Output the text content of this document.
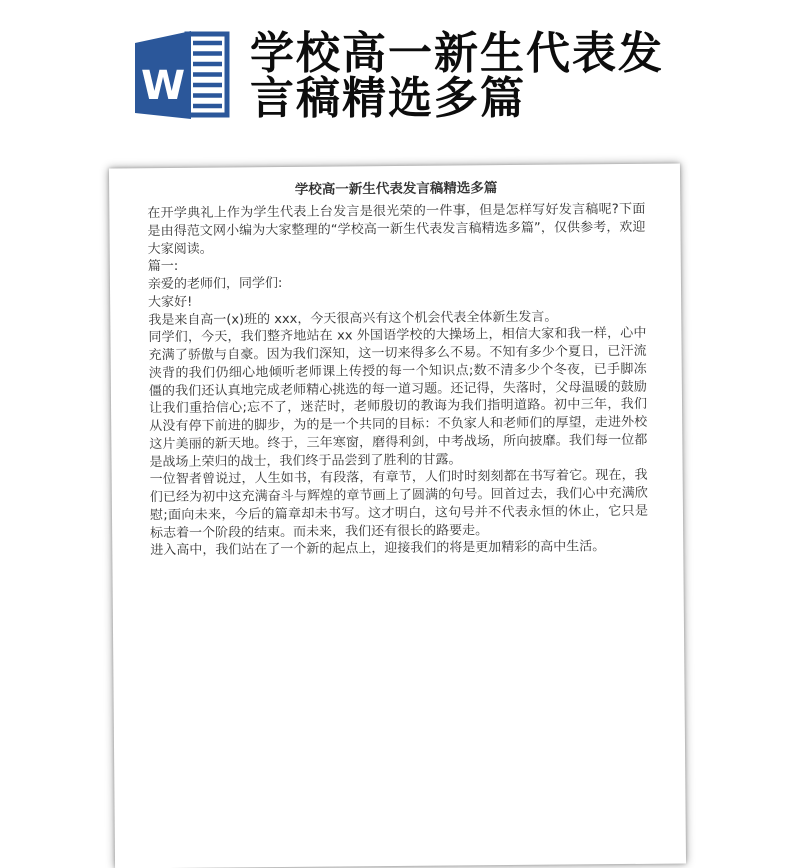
W
学校高一新生代表发
言稿精选多篇
学校高一新生代表发言稿精选多篇

在开学典礼上作为学生代表上台发言是很光荣的一件事，但是怎样写好发言稿呢?下面是由得范文网小编为大家整理的“学校高一新生代表发言稿精选多篇”，仅供参考，欢迎大家阅读。

篇一:

亲爱的老师们，同学们:

大家好!

我是来自高一(x)班的 xxx，今天很高兴有这个机会代表全体新生发言。

同学们，今天，我们整齐地站在 xx 外国语学校的大操场上，相信大家和我一样，心中充满了骄傲与自豪。因为我们深知，这一切来得多么不易。不知有多少个夏日，已汗流浃背的我们仍细心地倾听老师课上传授的每一个知识点;数不清多少个冬夜，已手脚冻僵的我们还认真地完成老师精心挑选的每一道习题。还记得，失落时，父母温暖的鼓励让我们重拾信心;忘不了，迷茫时，老师殷切的教诲为我们指明道路。初中三年，我们从没有停下前进的脚步，为的是一个共同的目标：不负家人和老师们的厚望，走进外校这片美丽的新天地。终于，三年寒窗，磨得利剑，中考战场，所向披靡。我们每一位都是战场上荣归的战士，我们终于品尝到了胜利的甘露。

一位智者曾说过，人生如书，有段落，有章节，人们时时刻刻都在书写着它。现在，我们已经为初中这充满奋斗与辉煌的章节画上了圆满的句号。回首过去，我们心中充满欣慰;面向未来，今后的篇章却未书写。这才明白，这句号并不代表永恒的休止，它只是标志着一个阶段的结束。而未来，我们还有很长的路要走。

进入高中，我们站在了一个新的起点上，迎接我们的将是更加精彩的高中生活。
